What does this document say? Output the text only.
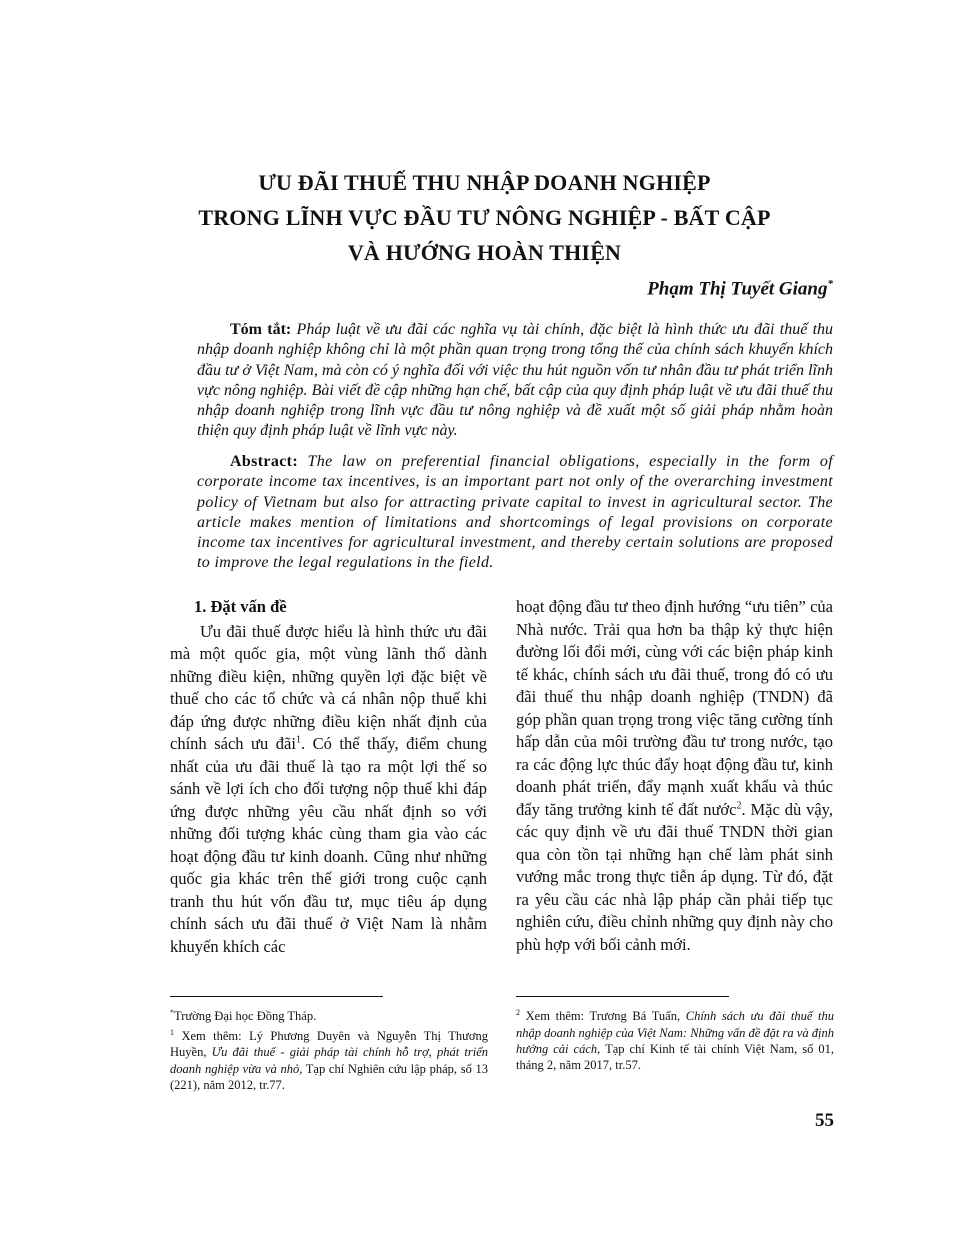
ƯU ĐÃI THUẾ THU NHẬP DOANH NGHIỆP
TRONG LĨNH VỰC ĐẦU TƯ NÔNG NGHIỆP - BẤT CẬP
VÀ HƯỚNG HOÀN THIỆN
Phạm Thị Tuyết Giang*
Tóm tắt: Pháp luật về ưu đãi các nghĩa vụ tài chính, đặc biệt là hình thức ưu đãi thuế thu nhập doanh nghiệp không chỉ là một phần quan trọng trong tổng thể của chính sách khuyến khích đầu tư ở Việt Nam, mà còn có ý nghĩa đối với việc thu hút nguồn vốn tư nhân đầu tư phát triển lĩnh vực nông nghiệp. Bài viết đề cập những hạn chế, bất cập của quy định pháp luật về ưu đãi thuế thu nhập doanh nghiệp trong lĩnh vực đầu tư nông nghiệp và đề xuất một số giải pháp nhằm hoàn thiện quy định pháp luật về lĩnh vực này.
Abstract: The law on preferential financial obligations, especially in the form of corporate income tax incentives, is an important part not only of the overarching investment policy of Vietnam but also for attracting private capital to invest in agricultural sector. The article makes mention of limitations and shortcomings of legal provisions on corporate income tax incentives for agricultural investment, and thereby certain solutions are proposed to improve the legal regulations in the field.

1. Đặt vấn đề

Ưu đãi thuế được hiểu là hình thức ưu đãi mà một quốc gia, một vùng lãnh thổ dành những điều kiện, những quyền lợi đặc biệt về thuế cho các tổ chức và cá nhân nộp thuế khi đáp ứng được những điều kiện nhất định của chính sách ưu đãi$^1$. Có thể thấy, điểm chung nhất của ưu đãi thuế là tạo ra một lợi thế so sánh về lợi ích cho đối tượng nộp thuế khi đáp ứng được những yêu cầu nhất định so với những đối tượng khác cùng tham gia vào các hoạt động đầu tư kinh doanh. Cũng như những quốc gia khác trên thế giới trong cuộc cạnh tranh thu hút vốn đầu tư, mục tiêu áp dụng chính sách ưu đãi thuế ở Việt Nam là nhằm khuyến khích các

hoạt động đầu tư theo định hướng “ưu tiên” của Nhà nước. Trải qua hơn ba thập kỷ thực hiện đường lối đổi mới, cùng với các biện pháp kinh tế khác, chính sách ưu đãi thuế, trong đó có ưu đãi thuế thu nhập doanh nghiệp (TNDN) đã góp phần quan trọng trong việc tăng cường tính hấp dẫn của môi trường đầu tư trong nước, tạo ra các động lực thúc đẩy hoạt động đầu tư, kinh doanh phát triển, đẩy mạnh xuất khẩu và thúc đẩy tăng trưởng kinh tế đất nước$^2$. Mặc dù vậy, các quy định về ưu đãi thuế TNDN thời gian qua còn tồn tại những hạn chế làm phát sinh vướng mắc trong thực tiễn áp dụng. Từ đó, đặt ra yêu cầu các nhà lập pháp cần phải tiếp tục nghiên cứu, điều chỉnh những quy định này cho phù hợp với bối cảnh mới.

*Trường Đại học Đồng Tháp.

$^1$ Xem thêm: Lý Phương Duyên và Nguyễn Thị Thương Huyền, Ưu đãi thuế - giải pháp tài chính hỗ trợ, phát triển doanh nghiệp vừa và nhỏ, Tạp chí Nghiên cứu lập pháp, số 13 (221), năm 2012, tr.77.

$^2$ Xem thêm: Trương Bá Tuấn, Chính sách ưu đãi thuế thu nhập doanh nghiệp của Việt Nam: Những vấn đề đặt ra và định hướng cải cách, Tạp chí Kinh tế tài chính Việt Nam, số 01, tháng 2, năm 2017, tr.57.

55
